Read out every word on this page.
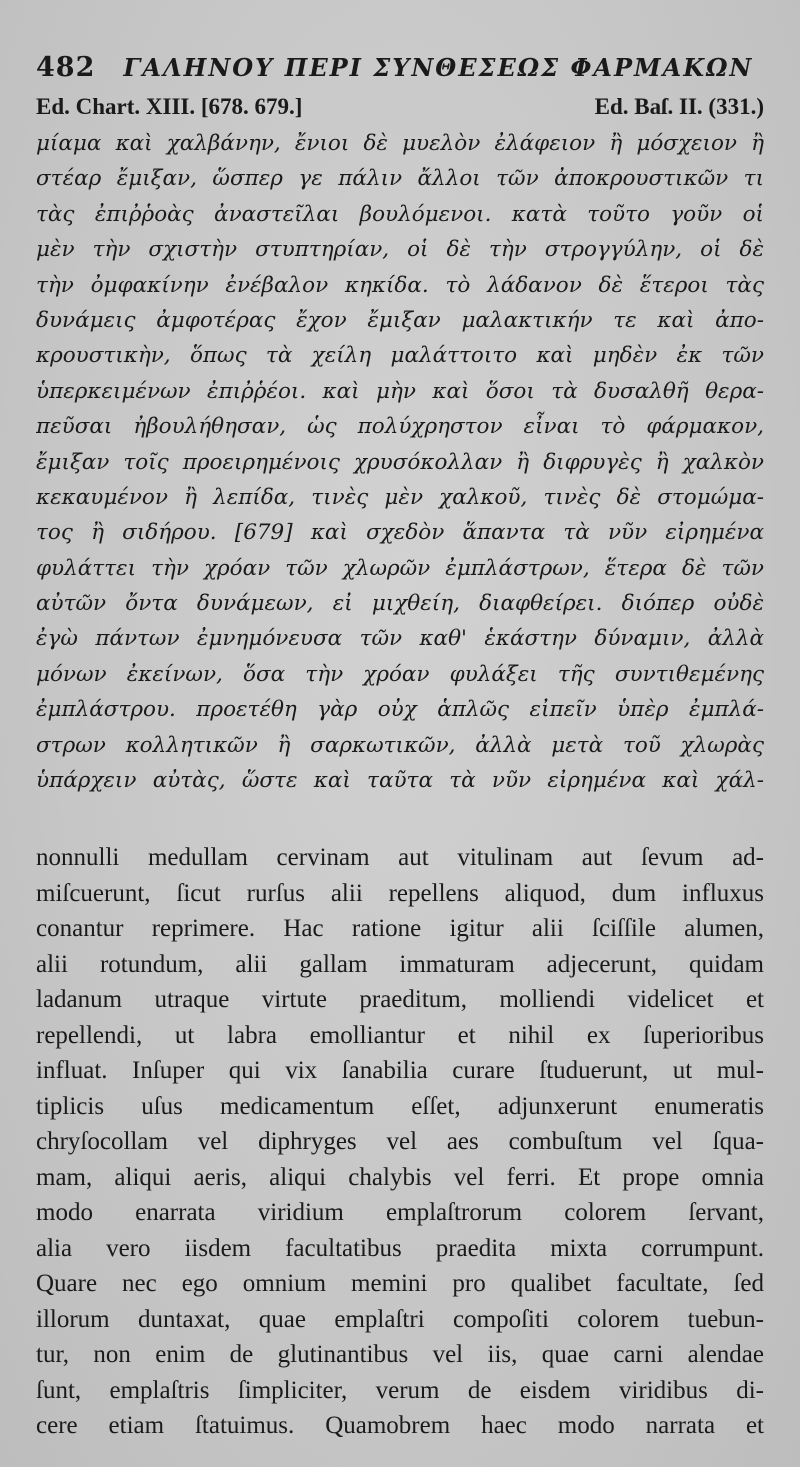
482 ΓΑΛΗΝΟΥ ΠΕΡΙ ΣΥΝΘΕΣΕΩΣ ΦΑΡΜΑΚΩΝ
Ed. Chart. XIII. [678. 679.]	Ed. Baſ. II. (331.)
μίαμα καὶ χαλβάνην, ἔνιοι δὲ μυελὸν ἐλάφειον ἢ μόσχειον ἢ
στέαρ ἔμιξαν, ὥσπερ γε πάλιν ἄλλοι τῶν ἀποκρουστικῶν τι
τὰς ἐπιῤῥοὰς ἀναστεῖλαι βουλόμενοι. κατὰ τοῦτο γοῦν οἱ
μὲν τὴν σχιστὴν στυπτηρίαν, οἱ δὲ τὴν στρογγύλην, οἱ δὲ
τὴν ὀμφακίνην ἐνέβαλον κηκίδα. τὸ λάδανον δὲ ἕτεροι τὰς
δυνάμεις ἀμφοτέρας ἔχον ἔμιξαν μαλακτικήν τε καὶ ἀπο-
κρουστικὴν, ὅπως τὰ χείλη μαλάττοιτο καὶ μηδὲν ἐκ τῶν
ὑπερκειμένων ἐπιῤῥέοι. καὶ μὴν καὶ ὅσοι τὰ δυσαλθῆ θερα-
πεῦσαι ἠβουλήθησαν, ὡς πολύχρηστον εἶναι τὸ φάρμακον,
ἔμιξαν τοῖς προειρημένοις χρυσόκολλαν ἢ διφρυγὲς ἢ χαλκὸν
κεκαυμένον ἢ λεπίδα, τινὲς μὲν χαλκοῦ, τινὲς δὲ στομώμα-
τος ἢ σιδήρου. [679] καὶ σχεδὸν ἅπαντα τὰ νῦν εἰρημένα
φυλάττει τὴν χρόαν τῶν χλωρῶν ἐμπλάστρων, ἕτερα δὲ τῶν
αὐτῶν ὄντα δυνάμεων, εἰ μιχθείη, διαφθείρει. διόπερ οὐδὲ
ἐγὼ πάντων ἐμνημόνευσα τῶν καθ' ἑκάστην δύναμιν, ἀλλὰ
μόνων ἐκείνων, ὅσα τὴν χρόαν φυλάξει τῆς συντιθεμένης
ἐμπλάστρου. προετέθη γὰρ οὐχ ἁπλῶς εἰπεῖν ὑπὲρ ἐμπλά-
στρων κολλητικῶν ἢ σαρκωτικῶν, ἀλλὰ μετὰ τοῦ χλωρὰς
ὑπάρχειν αὐτὰς, ὥστε καὶ ταῦτα τὰ νῦν εἰρημένα καὶ χάλ-
nonnulli medullam cervinam aut vitulinam aut ſevum ad-
miſcuerunt, ſicut rurſus alii repellens aliquod, dum influxus
conantur reprimere. Hac ratione igitur alii ſciſſile alumen,
alii rotundum, alii gallam immaturam adjecerunt, quidam
ladanum utraque virtute praeditum, molliendi videlicet et
repellendi, ut labra emolliantur et nihil ex ſuperioribus
influat. Inſuper qui vix ſanabilia curare ſtuduerunt, ut mul-
tiplicis uſus medicamentum eſſet, adjunxerunt enumeratis
chryſocollam vel diphryges vel aes combuſtum vel ſqua-
mam, aliqui aeris, aliqui chalybis vel ferri. Et prope omnia
modo enarrata viridium emplaſtrorum colorem ſervant,
alia vero iisdem facultatibus praedita mixta corrumpunt.
Quare nec ego omnium memini pro qualibet facultate, ſed
illorum duntaxat, quae emplaſtri compoſiti colorem tuebun-
tur, non enim de glutinantibus vel iis, quae carni alendae
ſunt, emplaſtris ſimpliciter, verum de eisdem viridibus di-
cere etiam ſtatuimus. Quamobrem haec modo narrata et
